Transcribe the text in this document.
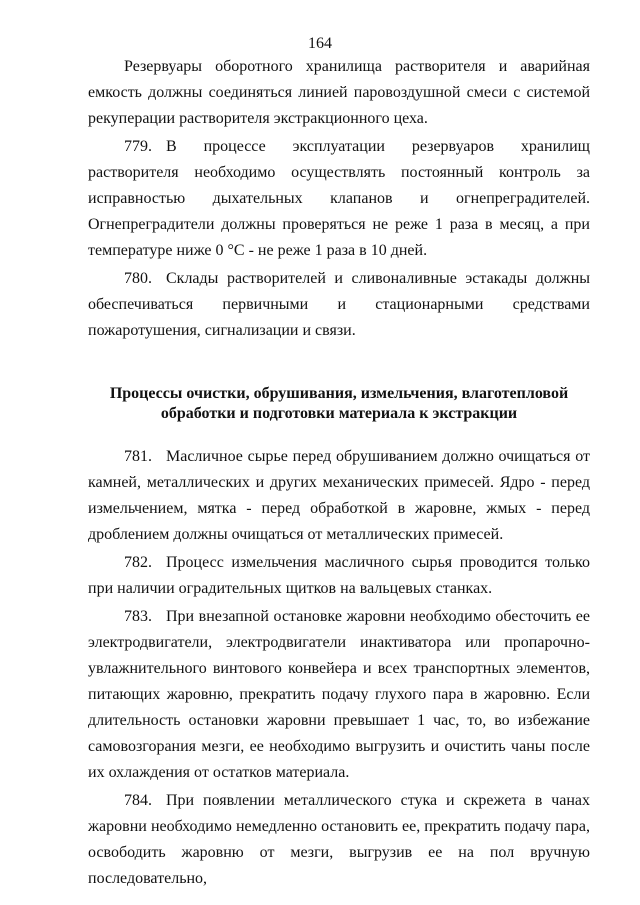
164

Резервуары оборотного хранилища растворителя и аварийная емкость должны соединяться линией паровоздушной смеси с системой рекуперации растворителя экстракционного цеха.

779. В процессе эксплуатации резервуаров хранилищ растворителя необходимо осуществлять постоянный контроль за исправностью дыхательных клапанов и огнепреградителей. Огнепреградители должны проверяться не реже 1 раза в месяц, а при температуре ниже 0 °С - не реже 1 раза в 10 дней.

780. Склады растворителей и сливоналивные эстакады должны обеспечиваться первичными и стационарными средствами пожаротушения, сигнализации и связи.

Процессы очистки, обрушивания, измельчения, влаготепловой
обработки и подготовки материала к экстракции

781. Масличное сырье перед обрушиванием должно очищаться от камней, металлических и других механических примесей. Ядро - перед измельчением, мятка - перед обработкой в жаровне, жмых - перед дроблением должны очищаться от металлических примесей.

782. Процесс измельчения масличного сырья проводится только при наличии оградительных щитков на вальцевых станках.

783. При внезапной остановке жаровни необходимо обесточить ее электродвигатели, электродвигатели инактиватора или пропарочно-увлажнительного винтового конвейера и всех транспортных элементов, питающих жаровню, прекратить подачу глухого пара в жаровню. Если длительность остановки жаровни превышает 1 час, то, во избежание самовозгорания мезги, ее необходимо выгрузить и очистить чаны после их охлаждения от остатков материала.

784. При появлении металлического стука и скрежета в чанах жаровни необходимо немедленно остановить ее, прекратить подачу пара, освободить жаровню от мезги, выгрузив ее на пол вручную последовательно,
